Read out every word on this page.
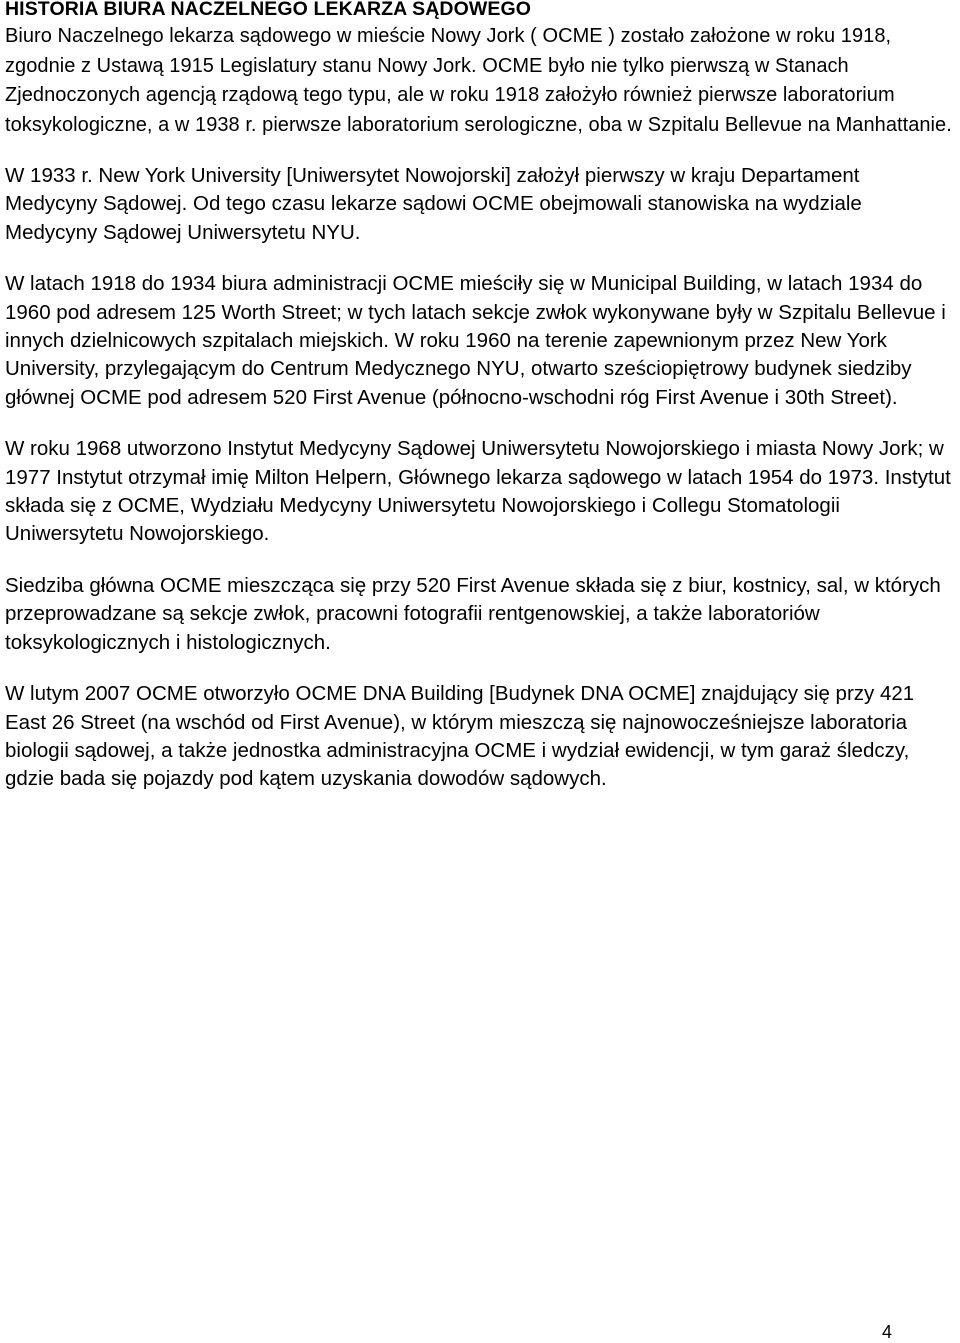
HISTORIA BIURA NACZELNEGO LEKARZA SĄDOWEGO

Biuro Naczelnego lekarza sądowego w mieście Nowy Jork ( OCME ) zostało założone w roku 1918, zgodnie z Ustawą 1915 Legislatury stanu Nowy Jork. OCME było nie tylko pierwszą w Stanach Zjednoczonych agencją rządową tego typu, ale w roku 1918 założyło również pierwsze laboratorium toksykologiczne, a w 1938 r. pierwsze laboratorium serologiczne, oba w Szpitalu Bellevue na Manhattanie.

W 1933 r. New York University [Uniwersytet Nowojorski] założył pierwszy w kraju Departament Medycyny Sądowej. Od tego czasu lekarze sądowi OCME obejmowali stanowiska na wydziale Medycyny Sądowej Uniwersytetu NYU.

W latach 1918 do 1934 biura administracji OCME mieściły się w Municipal Building, w latach 1934 do 1960 pod adresem 125 Worth Street; w tych latach sekcje zwłok wykonywane były w Szpitalu Bellevue i innych dzielnicowych szpitalach miejskich. W roku 1960 na terenie zapewnionym przez New York University, przylegającym do Centrum Medycznego NYU, otwarto sześciopiętrowy budynek siedziby głównej OCME pod adresem 520 First Avenue (północno-wschodni róg First Avenue i 30th Street).

W roku 1968 utworzono Instytut Medycyny Sądowej Uniwersytetu Nowojorskiego i miasta Nowy Jork; w 1977 Instytut otrzymał imię Milton Helpern, Głównego lekarza sądowego w latach 1954 do 1973. Instytut składa się z OCME, Wydziału Medycyny Uniwersytetu Nowojorskiego i Collegu Stomatologii Uniwersytetu Nowojorskiego.

Siedziba główna OCME mieszcząca się przy 520 First Avenue składa się z biur, kostnicy, sal, w których przeprowadzane są sekcje zwłok, pracowni fotografii rentgenowskiej, a także laboratoriów toksykologicznych i histologicznych.

W lutym 2007 OCME otworzyło OCME DNA Building [Budynek DNA OCME] znajdujący się przy 421 East 26 Street (na wschód od First Avenue), w którym mieszczą się najnowocześniejsze laboratoria biologii sądowej, a także jednostka administracyjna OCME i wydział ewidencji, w tym garaż śledczy, gdzie bada się pojazdy pod kątem uzyskania dowodów sądowych.

4
